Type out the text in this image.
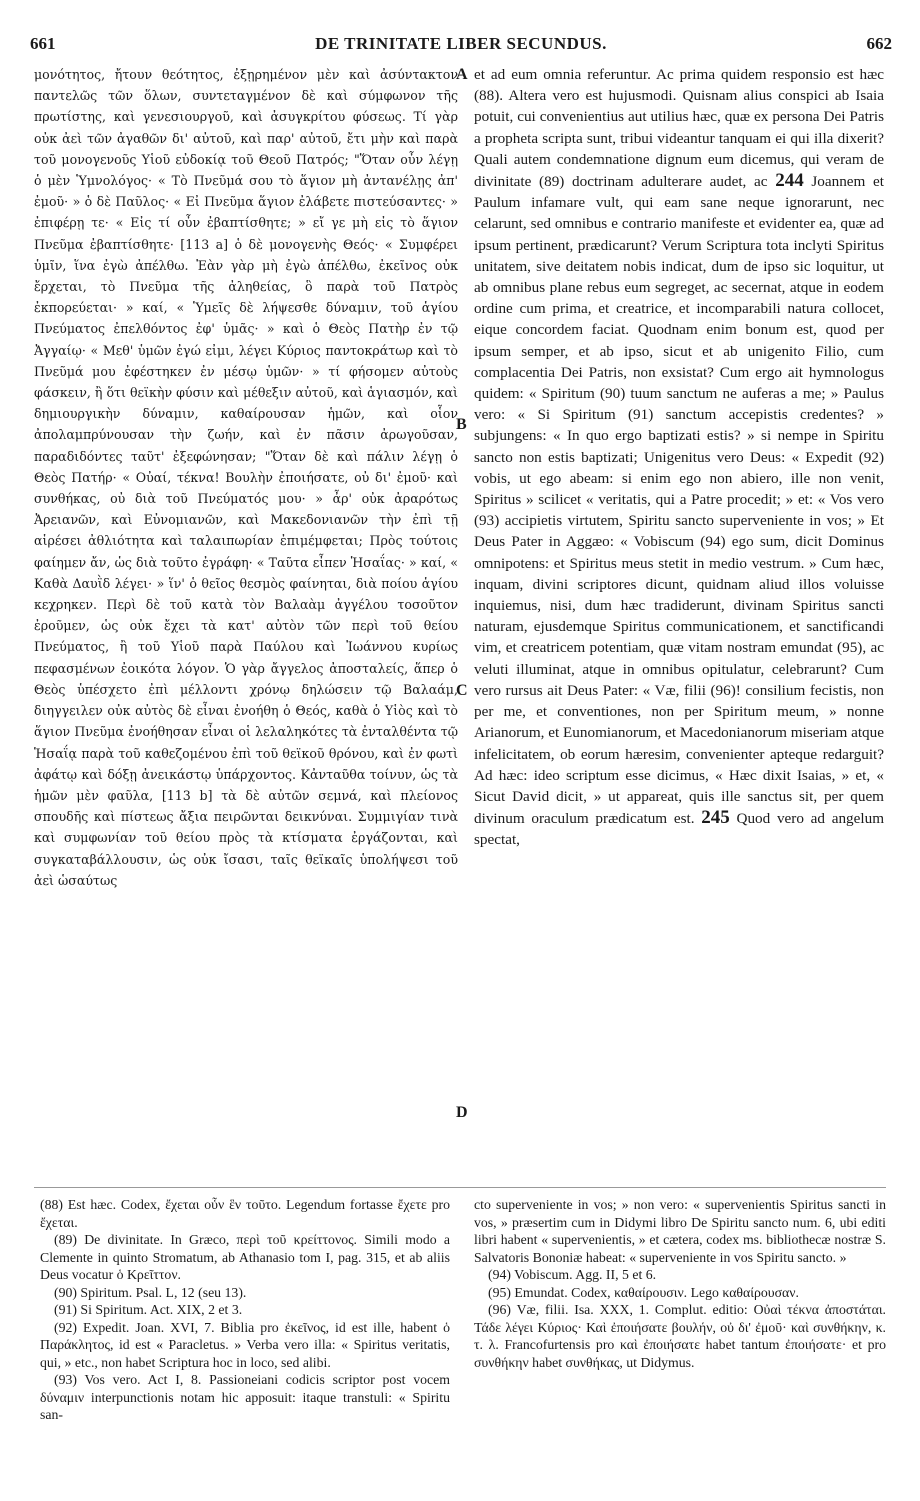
661	DE TRINITATE LIBER SECUNDUS.	662

μονότητος, ἤτουν θεότητος, ἐξῃρημένον μὲν καὶ ἀσύντακτον παντελῶς τῶν ὅλων, συντεταγμένον δὲ καὶ σύμφωνον τῆς πρωτίστης, καὶ γενεσιουργοῦ, καὶ ἀσυγκρίτου φύσεως. Τί γὰρ οὐκ ἀεὶ τῶν ἀγαθῶν δι' αὐτοῦ, καὶ παρ' αὐτοῦ, ἔτι μὴν καὶ παρὰ τοῦ μονογενοῦς Υἱοῦ εὐδοκίᾳ τοῦ Θεοῦ Πατρός; "Ὅταν οὖν λέγῃ ὁ μὲν Ὑμνολόγος· « Τὸ Πνεῦμά σου τὸ ἅγιον μὴ ἀντανέλῃς ἀπ' ἐμοῦ· » ὁ δὲ Παῦλος· « Εἰ Πνεῦμα ἅγιον ἐλάβετε πιστεύσαντες· » ἐπιφέρῃ τε· « Εἰς τί οὖν ἐβαπτίσθητε; » εἴ γε μὴ εἰς τὸ ἅγιον Πνεῦμα ἐβαπτίσθητε· [113 a] ὁ δὲ μονογενὴς Θεός· « Συμφέρει ὑμῖν, ἵνα ἐγὼ ἀπέλθω. Ἐὰν γὰρ μὴ ἐγὼ ἀπέλθω, ἐκεῖνος οὐκ ἔρχεται, τὸ Πνεῦμα τῆς ἀληθείας, ὃ παρὰ τοῦ Πατρὸς ἐκπορεύεται· » καί, « Ὑμεῖς δὲ λήψεσθε δύναμιν, τοῦ ἁγίου Πνεύματος ἐπελθόντος ἐφ' ὑμᾶς· » καὶ ὁ Θεὸς Πατὴρ ἐν τῷ Ἀγγαίῳ· « Μεθ' ὑμῶν ἐγώ εἰμι, λέγει Κύριος παντοκράτωρ καὶ τὸ Πνεῦμά μου ἐφέστηκεν ἐν μέσῳ ὑμῶν· » τί φήσομεν αὐτοὺς φάσκειν, ἢ ὅτι θεϊκὴν φύσιν καὶ μέθεξιν αὐτοῦ, καὶ ἁγιασμόν, καὶ δημιουργικὴν δύναμιν, καθαίρουσαν ἡμῶν, καὶ οἷον ἀπολαμπρύνουσαν τὴν ζωήν, καὶ ἐν πᾶσιν ἀρωγοῦσαν, παραδιδόντες ταῦτ' ἐξεφώνησαν; "Ὅταν δὲ καὶ πάλιν λέγῃ ὁ Θεὸς Πατήρ· « Οὐαί, τέκνα! Βουλὴν ἐποιήσατε, οὐ δι' ἐμοῦ· καὶ συνθήκας, οὐ διὰ τοῦ Πνεύματός μου· » ἆρ' οὐκ ἀραρότως Ἀρειανῶν, καὶ Εὐνομιανῶν, καὶ Μακεδονιανῶν τὴν ἐπὶ τῇ αἱρέσει ἀθλιότητα καὶ ταλαιπωρίαν ἐπιμέμφεται; Πρὸς τούτοις φαίημεν ἄν, ὡς διὰ τοῦτο ἐγράφη· « Ταῦτα εἶπεν Ἡσαΐας· » καί, « Καθὰ Δαυῒδ λέγει· » ἵν' ὁ θεῖος θεσμὸς φαίνηται, διὰ ποίου ἁγίου κεχρηκεν. Περὶ δὲ τοῦ κατὰ τὸν Βαλαὰμ ἀγγέλου τοσοῦτον ἐροῦμεν, ὡς οὐκ ἔχει τὰ κατ' αὐτὸν τῶν περὶ τοῦ θείου Πνεύματος, ἢ τοῦ Υἱοῦ παρὰ Παύλου καὶ Ἰωάννου κυρίως πεφασμένων ἐοικότα λόγον. Ὁ γὰρ ἄγγελος ἀποσταλείς, ἅπερ ὁ Θεὸς ὑπέσχετο ἐπὶ μέλλοντι χρόνῳ δηλώσειν τῷ Βαλαάμ, διηγγειλεν οὐκ αὐτὸς δὲ εἶναι ἐνοήθη ὁ Θεός, καθὰ ὁ Υἱὸς καὶ τὸ ἅγιον Πνεῦμα ἐνοήθησαν εἶναι οἱ λελαληκότες τὰ ἐνταλθέντα τῷ Ἡσαΐᾳ παρὰ τοῦ καθεζομένου ἐπὶ τοῦ θεϊκοῦ θρόνου, καὶ ἐν φωτὶ ἀφάτῳ καὶ δόξῃ ἀνεικάστῳ ὑπάρχοντος. Κἀνταῦθα τοίνυν, ὡς τὰ ἡμῶν μὲν φαῦλα, [113 b] τὰ δὲ αὐτῶν σεμνά, καὶ πλείονος σπουδῆς καὶ πίστεως ἄξια πειρῶνται δεικνύναι. Συμμιγίαν τινὰ καὶ συμφωνίαν τοῦ θείου πρὸς τὰ κτίσματα ἐργάζονται, καὶ συγκαταβάλλουσιν, ὡς οὐκ ἴσασι, ταῖς θεϊκαῖς ὑπολήψεσι τοῦ ἀεὶ ὡσαύτως

A
B
C
D

et ad eum omnia referuntur. Ac prima quidem responsio est hæc (88). Altera vero est hujusmodi. Quisnam alius conspici ab Isaia potuit, cui convenientius aut utilius hæc, quæ ex persona Dei Patris a propheta scripta sunt, tribui videantur tanquam ei qui illa dixerit? Quali autem condemnatione dignum eum dicemus, qui veram de divinitate (89) doctrinam adulterare audet, ac 244 Joannem et Paulum infamare vult, qui eam sane neque ignorarunt, nec celarunt, sed omnibus e contrario manifeste et evidenter ea, quæ ad ipsum pertinent, prædicarunt? Verum Scriptura tota inclyti Spiritus unitatem, sive deitatem nobis indicat, dum de ipso sic loquitur, ut ab omnibus plane rebus eum segreget, ac secernat, atque in eodem ordine cum prima, et creatrice, et incomparabili natura collocet, eique concordem faciat. Quodnam enim bonum est, quod per ipsum semper, et ab ipso, sicut et ab unigenito Filio, cum complacentia Dei Patris, non exsistat? Cum ergo ait hymnologus quidem: « Spiritum (90) tuum sanctum ne auferas a me; » Paulus vero: « Si Spiritum (91) sanctum accepistis credentes? » subjungens: « In quo ergo baptizati estis? » si nempe in Spiritu sancto non estis baptizati; Unigenitus vero Deus: « Expedit (92) vobis, ut ego abeam: si enim ego non abiero, ille non venit, Spiritus » scilicet « veritatis, qui a Patre procedit; » et: « Vos vero (93) accipietis virtutem, Spiritu sancto superveniente in vos; » Et Deus Pater in Aggæo: « Vobiscum (94) ego sum, dicit Dominus omnipotens: et Spiritus meus stetit in medio vestrum. » Cum hæc, inquam, divini scriptores dicunt, quidnam aliud illos voluisse inquiemus, nisi, dum hæc tradiderunt, divinam Spiritus sancti naturam, ejusdemque Spiritus communicationem, et sanctificandi vim, et creatricem potentiam, quæ vitam nostram emundat (95), ac veluti illuminat, atque in omnibus opitulatur, celebrarunt? Cum vero rursus ait Deus Pater: « Væ, filii (96)! consilium fecistis, non per me, et conventiones, non per Spiritum meum, » nonne Arianorum, et Eunomianorum, et Macedonianorum miseriam atque infelicitatem, ob eorum hæresim, convenienter apteque redarguit? Ad hæc: ideo scriptum esse dicimus, « Hæc dixit Isaias, » et, « Sicut David dicit, » ut appareat, quis ille sanctus sit, per quem divinum oraculum prædicatum est. 245 Quod vero ad angelum spectat,

(88) Est hæc. Codex, ἔχεται οὖν ἓν τοῦτο. Legendum fortasse ἔχετε pro ἔχεται.

(89) De divinitate. In Græco, περὶ τοῦ κρείττονος. Simili modo a Clemente in quinto Stromatum, ab Athanasio tom I, pag. 315, et ab aliis Deus vocatur ὁ Κρεῖττον.

(90) Spiritum. Psal. L, 12 (seu 13).

(91) Si Spiritum. Act. XIX, 2 et 3.

(92) Expedit. Joan. XVI, 7. Biblia pro ἐκεῖνος, id est ille, habent ὁ Παράκλητος, id est « Paracletus. » Verba vero illa: « Spiritus veritatis, qui, » etc., non habet Scriptura hoc in loco, sed alibi.

(93) Vos vero. Act I, 8. Passioneiani codicis scriptor post vocem δύναμιν interpunctionis notam hic apposuit: itaque transtuli: « Spiritu san-

cto superveniente in vos; » non vero: « supervenientis Spiritus sancti in vos, » præsertim cum in Didymi libro De Spiritu sancto num. 6, ubi editi libri habent « supervenientis, » et cætera, codex ms. bibliothecæ nostræ S. Salvatoris Bononiæ habeat: « superveniente in vos Spiritu sancto. »

(94) Vobiscum. Agg. II, 5 et 6.

(95) Emundat. Codex, καθαίρουσιν. Lego καθαίρουσαν.

(96) Væ, filii. Isa. XXX, 1. Complut. editio: Οὐαὶ τέκνα ἀποστάται. Τάδε λέγει Κύριος· Καὶ ἐποιήσατε βουλήν, οὐ δι' ἐμοῦ· καὶ συνθήκην, κ. τ. λ. Francofurtensis pro καὶ ἐποιήσατε habet tantum ἐποιήσατε· et pro συνθήκην habet συνθήκας, ut Didymus.
